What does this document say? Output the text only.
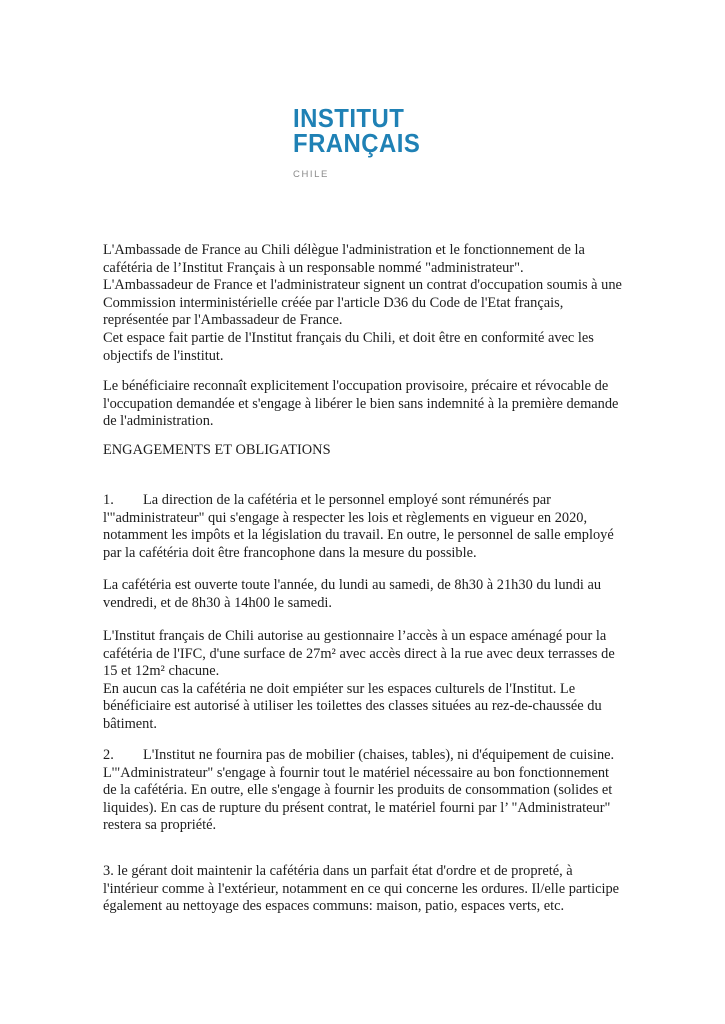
INSTITUT
FRANÇAIS
CHILE
L'Ambassade de France au Chili délègue l'administration et le fonctionnement de la cafétéria de l’Institut Français à un responsable nommé "administrateur".
L'Ambassadeur de France et l'administrateur signent un contrat d'occupation soumis à une Commission interministérielle créée par l'article D36 du Code de l'Etat français, représentée par l'Ambassadeur de France.
Cet espace fait partie de l'Institut français du Chili, et doit être en conformité avec les objectifs de l'institut.
Le bénéficiaire reconnaît explicitement l'occupation provisoire, précaire et révocable de l'occupation demandée et s'engage à libérer le bien sans indemnité à la première demande de l'administration.
ENGAGEMENTS ET OBLIGATIONS
1. La direction de la cafétéria et le personnel employé sont rémunérés par l'"administrateur" qui s'engage à respecter les lois et règlements en vigueur en 2020, notamment les impôts et la législation du travail. En outre, le personnel de salle employé par la cafétéria doit être francophone dans la mesure du possible.
La cafétéria est ouverte toute l'année, du lundi au samedi, de 8h30 à 21h30 du lundi au vendredi, et de 8h30 à 14h00 le samedi.
L'Institut français de Chili autorise au gestionnaire l’accès à un espace aménagé pour la cafétéria de l'IFC, d'une surface de 27m² avec accès direct à la rue avec deux terrasses de 15 et 12m² chacune.
En aucun cas la cafétéria ne doit empiéter sur les espaces culturels de l'Institut. Le bénéficiaire est autorisé à utiliser les toilettes des classes situées au rez-de-chaussée du bâtiment.
2. L'Institut ne fournira pas de mobilier (chaises, tables), ni d'équipement de cuisine.
L'"Administrateur" s'engage à fournir tout le matériel nécessaire au bon fonctionnement de la cafétéria. En outre, elle s'engage à fournir les produits de consommation (solides et liquides). En cas de rupture du présent contrat, le matériel fourni par l’ "Administrateur" restera sa propriété.
3. le gérant doit maintenir la cafétéria dans un parfait état d'ordre et de propreté, à l'intérieur comme à l'extérieur, notamment en ce qui concerne les ordures. Il/elle participe également au nettoyage des espaces communs: maison, patio, espaces verts, etc.
